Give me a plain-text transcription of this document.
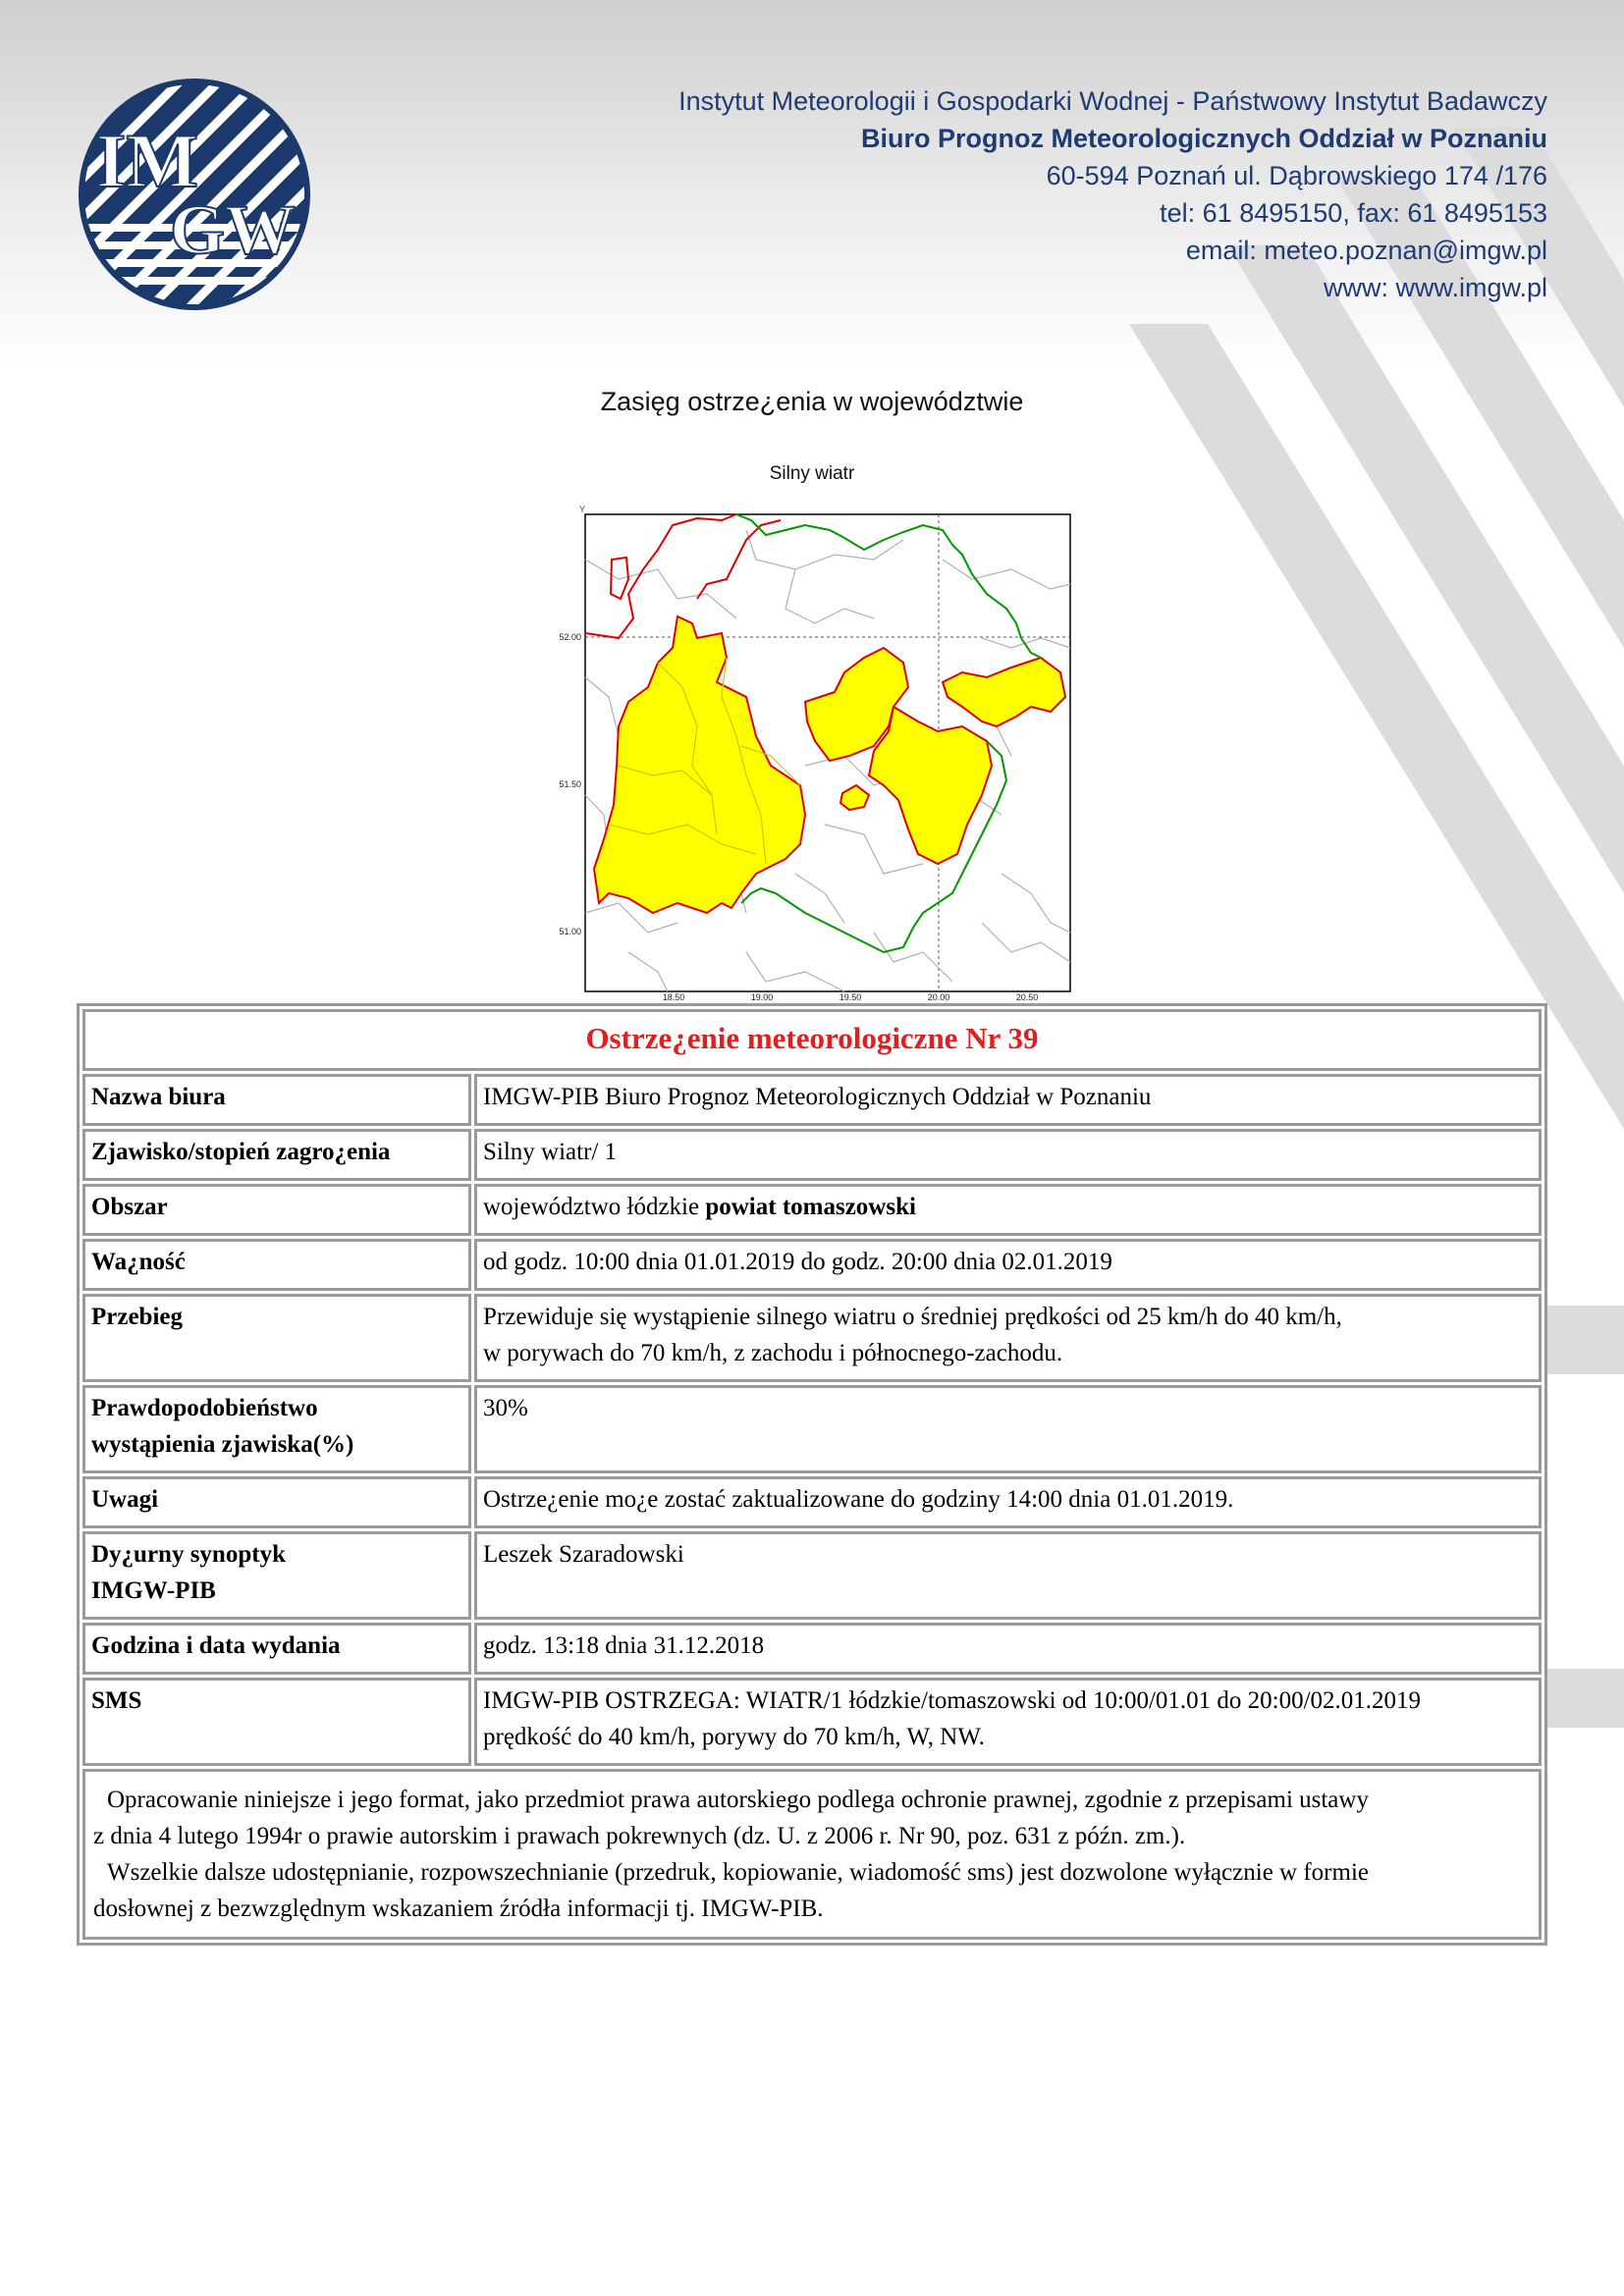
IM
GW
Instytut Meteorologii i Gospodarki Wodnej - Państwowy Instytut Badawczy
Biuro Prognoz Meteorologicznych Oddział w Poznaniu
60-594 Poznań ul. Dąbrowskiego 174 /176
tel: 61 8495150, fax: 61 8495153
email: meteo.poznan@imgw.pl
www: www.imgw.pl
Zasięg ostrze¿enia w województwie
Silny wiatr
Y
52.00
51.50
51.00
18.50	19.00	19.50	20.00	20.50
Ostrze¿enie meteorologiczne Nr 39	
Nazwa biura	IMGW-PIB Biuro Prognoz Meteorologicznych Oddział w Poznaniu
Zjawisko/stopień zagro¿enia	Silny wiatr/ 1
Obszar	województwo łódzkie powiat tomaszowski
Wa¿ność	od godz. 10:00 dnia 01.01.2019 do godz. 20:00 dnia 02.01.2019
Przebieg	Przewiduje się wystąpienie silnego wiatru o średniej prędkości od 25 km/h do 40 km/h,
w porywach do 70 km/h, z zachodu i północnego-zachodu.

Prawdopodobieństwo
wystąpienia zjawiska(%)	30%
Uwagi	Ostrze¿enie mo¿e zostać zaktualizowane do godziny 14:00 dnia 01.01.2019.

Dy¿urny synoptyk
IMGW-PIB	Leszek Szaradowski
Godzina i data wydania	godz. 13:18 dnia 31.12.2018
SMS	IMGW-PIB OSTRZEGA: WIATR/1 łódzkie/tomaszowski od 10:00/01.01 do 20:00/02.01.2019
prędkość do 40 km/h, porywy do 70 km/h, W, NW.

Opracowanie niniejsze i jego format, jako przedmiot prawa autorskiego podlega ochronie prawnej, zgodnie z przepisami ustawy
z dnia 4 lutego 1994r o prawie autorskim i prawach pokrewnych (dz. U. z 2006 r. Nr 90, poz. 631 z późn. zm.).
Wszelkie dalsze udostępnianie, rozpowszechnianie (przedruk, kopiowanie, wiadomość sms) jest dozwolone wyłącznie w formie
dosłownej z bezwzględnym wskazaniem źródła informacji tj. IMGW-PIB.	
